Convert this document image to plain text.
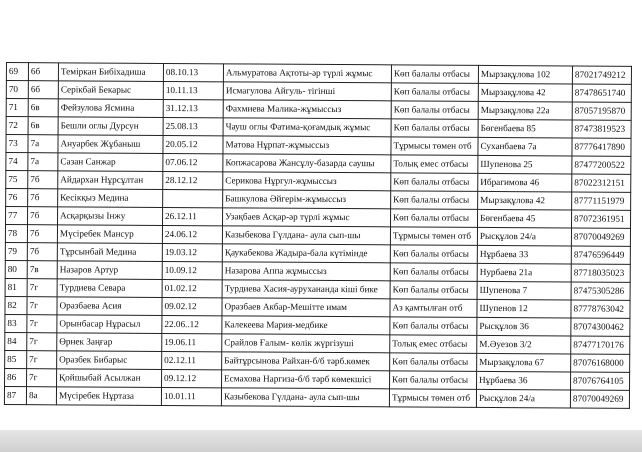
69	6б	Теміркан Бибіхадиша	08.10.13	Альмуратова Ақтоты-әр түрлі жұмыс	Көп балалы отбасы	Мырзақұлова 102	87021749212
70	6б	Серікбай Бекарыс	10.11.13	Исмагулова Айгуль- тігінші	Көп балалы отбасы	Мырзақұлова 42	87478651740
71	6в	Фейзулова Ясмина	31.12.13	Фахмиева Малика-жұмыссыз	Көп балалы отбасы	Мырзақұлова 22а	87057195870
72	6в	Бешли оглы Дурсун	25.08.13	Чауш оглы Фатима-қоғамдық жұмыс	Көп балалы отбасы	Бөгенбаева 85	87473819523
73	7а	Ануарбек Жұбаныш	20.05.12	Матова Нұрпат-жұмыссыз	Тұрмысы төмен отб	Суханбаева 7а	87776417890
74	7а	Сазан Санжар	07.06.12	Копжасарова Жансұлу-базарда саушы	Толық емес отбасы	Шупенова 25	87477200522
75	7б	Айдархан Нұрсұлтан	28.12.12	Серикова Нұргул-жұмыссыз	Көп балалы отбасы	Ибрагимова 46	87022312151
76	7б	Кесікқыз Медина		Башкулова Әйгерім-жұмыссыз	Көп балалы отбасы	Мырзақұлова 42	87771151979
77	7б	Асқарқызы Інжу	26.12.11	Узақбаев Асқар-әр түрлі жұмыс	Көп балалы отбасы	Бөгенбаева 45	87072361951
78	7б	Мүсіребек Мансур	24.06.12	Казыбекова Гүлдана- аула сып-шы	Тұрмысы төмен отб	Рысқұлов 24/а	87070049269
79	7б	Тұрсынбай Медина	19.03.12	Қаукабекова Жадыра-бала күтімінде	Көп балалы отбасы	Нұрбаева 33	87476596449
80	7в	Назаров Артур	10.09.12	Назарова Аппа жұмыссыз	Көп балалы отбасы	Нурбаева 21а	87718035023
81	7г	Турдиева Севара	01.02.12	Турдиева Хасия-аурухананда кіші бике	Көп балалы отбасы	Шупенова 7	87475305286
82	7г	Оразбаева Асия	09.02.12	Оразбаев Акбар-Мешітте имам	Аз қамтылған отб	Шупенов 12	87778763042
83	7г	Орынбасар Нұрасыл	22.06..12	Калекеева Мария-медбике	Көп балалы отбасы	Рысқұлов 36	87074300462
84	7г	Өрнек Заңғар	19.06.11	Срайлов Ғалым- көлік жүргізуші	Толық емес отбасы	М.Әуезов 3/2	87477170176
85	7г	Оразбек Бибарыс	02.12.11	Байтұрсынова Райхан-б/б тәрб.көмек	Көп балалы отбасы	Мырзақұлова 67	87076168000
86	7г	Қойшыбай Асылжан	09.12.12	Есмахова Наргиза-б/б тәрб көмекшісі	Көп балалы отбасы	Нұрбаева 36	87076764105
87	8а	Мүсіребек Нұртаза	10.01.11	Казыбекова Гүлдана- аула сып-шы	Тұрмысы төмен отб	Рысқұлов 24/а	87070049269
